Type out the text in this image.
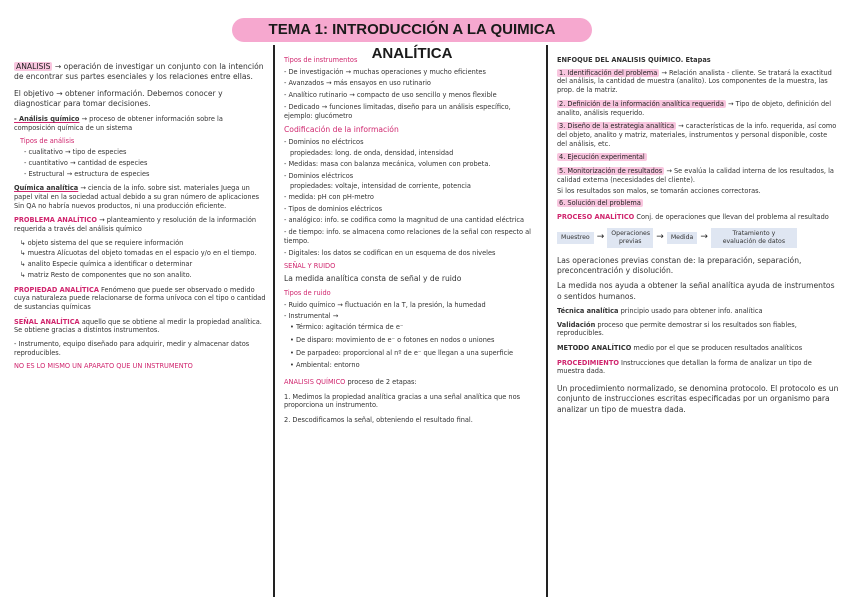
TEMA 1: INTRODUCCIÓN A LA QUIMICA ANALÍTICA

ANALISIS → operación de investigar un conjunto con la intención de encontrar sus partes esenciales y los relaciones entre ellas.

El objetivo → obtener información. Debemos conocer y diagnosticar para tomar decisiones.

- Análisis químico → proceso de obtener información sobre la composición química de un sistema

Tipos de análisis

- cualitativo → tipo de especies

- cuantitativo → cantidad de especies

- Estructural → estructura de especies

Química analítica → ciencia de la info. sobre sist. materiales Juega un papel vital en la sociedad actual debido a su gran número de aplicaciones Sin QA no habría nuevos productos, ni una producción eficiente.

PROBLEMA ANALÍTICO → planteamiento y resolución de la información requerida a través del análisis químico

↳ objeto sistema del que se requiere información

↳ muestra Alícuotas del objeto tomadas en el espacio y/o en el tiempo.

↳ analito Especie química a identificar o determinar

↳ matriz Resto de componentes que no son analito.

PROPIEDAD ANALÍTICA Fenómeno que puede ser observado o medido cuya naturaleza puede relacionarse de forma unívoca con el tipo o cantidad de sustancias químicas

SEÑAL ANALÍTICA aquello que se obtiene al medir la propiedad analítica. Se obtiene gracias a distintos instrumentos.

- Instrumento, equipo diseñado para adquirir, medir y almacenar datos reproducibles.

NO ES LO MISMO UN APARATO QUE UN INSTRUMENTO

Tipos de instrumentos

- De investigación → muchas operaciones y mucho eficientes

- Avanzados → más ensayos en uso rutinario

- Analítico rutinario → compacto de uso sencillo y menos flexible

- Dedicado → funciones limitadas, diseño para un análisis específico, ejemplo: glucómetro

Codificación de la información

- Dominios no eléctricos

propiedades: long. de onda, densidad, intensidad

- Medidas: masa con balanza mecánica, volumen con probeta.

- Dominios eléctricos

propiedades: voltaje, intensidad de corriente, potencia

- medida: pH con pH-metro

- Tipos de dominios eléctricos

- analógico: info. se codifica como la magnitud de una cantidad eléctrica

- de tiempo: info. se almacena como relaciones de la señal con respecto al tiempo.

- Digitales: los datos se codifican en un esquema de dos niveles

SEÑAL Y RUIDO

La medida analítica consta de señal y de ruido

Tipos de ruido

- Ruido químico → fluctuación en la T, la presión, la humedad

- Instrumental →

• Térmico: agitación térmica de e⁻

• De disparo: movimiento de e⁻ o fotones en nodos o uniones

• De parpadeo: proporcional al nº de e⁻ que llegan a una superficie

• Ambiental: entorno

ANALISIS QUÍMICO proceso de 2 etapas:

1. Medimos la propiedad analítica gracias a una señal analítica que nos proporciona un instrumento.

2. Descodificamos la señal, obteniendo el resultado final.

ENFOQUE DEL ANALISIS QUÍMICO. Etapas

1. Identificación del problema → Relación analista - cliente. Se tratará la exactitud del análisis, la cantidad de muestra (analito). Los componentes de la muestra, las prop. de la matriz.

2. Definición de la información analítica requerida → Tipo de objeto, definición del analito, análisis requerido.

3. Diseño de la estrategia analítica → características de la info. requerida, así como del objeto, analito y matriz, materiales, instrumentos y personal disponible, coste del análisis, etc.

4. Ejecución experimental

5. Monitorización de resultados → Se evalúa la calidad interna de los resultados, la calidad externa (necesidades del cliente).

Si los resultados son malos, se tomarán acciones correctoras.

6. Solución del problema

PROCESO ANALÍTICO Conj. de operaciones que llevan del problema al resultado

Muestreo →	Operaciones previas	→	Medida →	Tratamiento y evaluación de datos

Las operaciones previas constan de: la preparación, separación, preconcentración y disolución.

La medida nos ayuda a obtener la señal analítica ayuda de instrumentos o sentidos humanos.

Técnica analítica principio usado para obtener info. analítica

Validación proceso que permite demostrar si los resultados son fiables, reproducibles.

METODO ANALÍTICO medio por el que se producen resultados analíticos

PROCEDIMIENTO Instrucciones que detallan la forma de analizar un tipo de muestra dada.

Un procedimiento normalizado, se denomina protocolo. El protocolo es un conjunto de instrucciones escritas especificadas por un organismo para analizar un tipo de muestra dada.
